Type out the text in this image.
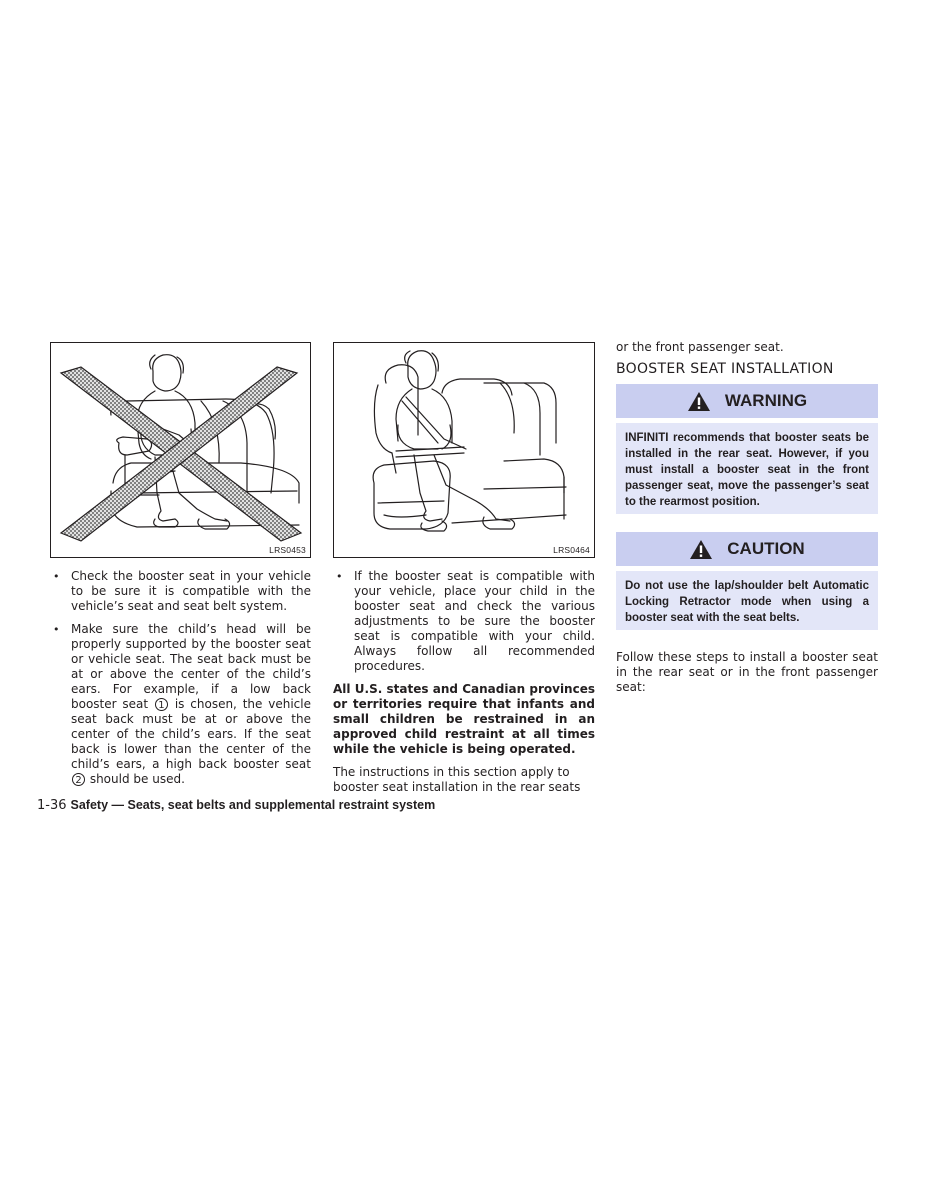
LRS0453	LRS0464
• Check the booster seat in your vehicle to be sure it is compatible with the vehicle’s seat and seat belt system.
• Make sure the child’s head will be properly supported by the booster seat or vehicle seat. The seat back must be at or above the center of the child’s ears. For example, if a low back booster seat 1 is chosen, the vehicle seat back must be at or above the center of the child’s ears. If the seat back is lower than the center of the child’s ears, a high back booster seat 2 should be used.
• If the booster seat is compatible with your vehicle, place your child in the booster seat and check the various adjustments to be sure the booster seat is compatible with your child. Always follow all recommended procedures.
All U.S. states and Canadian provinces or territories require that infants and small children be restrained in an approved child restraint at all times while the vehicle is being operated.
The instructions in this section apply to booster seat installation in the rear seats
or the front passenger seat.
BOOSTER SEAT INSTALLATION
WARNING
INFINITI recommends that booster seats be installed in the rear seat. However, if you must install a booster seat in the front passenger seat, move the passenger’s seat to the rearmost position.
CAUTION
Do not use the lap/shoulder belt Automatic Locking Retractor mode when using a booster seat with the seat belts.
Follow these steps to install a booster seat in the rear seat or in the front passenger seat:
1-36 Safety — Seats, seat belts and supplemental restraint system
